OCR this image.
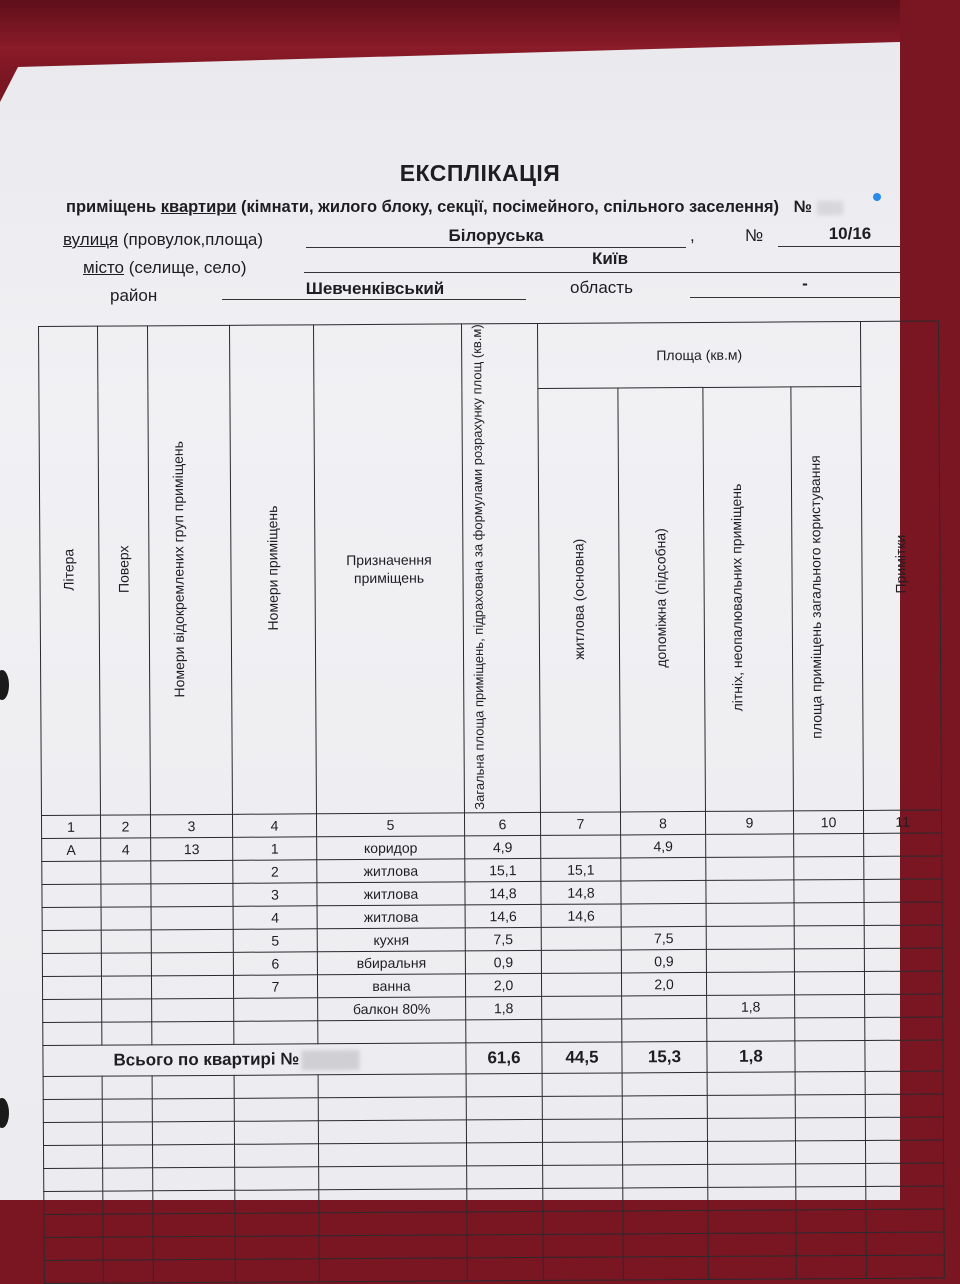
ЕКСПЛІКАЦІЯ
приміщень квартири (кімнати, жилого блоку, секції, посімейного, спільного заселення) №
вулиця (провулок,площа)	Білоруська	,	№	10/16
місто (селище, село)	Київ
район	Шевченківський	область	-
Літера	Поверх	Номери відокремлених груп приміщень	Номери приміщень	Призначення приміщень	Загальна площа приміщень, підрахована за формулами розрахунку площ (кв.м)	Площа (кв.м)				Примітки
						житлова (основна)	допоміжна (підсобна)	літніх, неопалювальних приміщень	площа приміщень загального користування	
1	2	3	4	5	6	7	8	9	10	11
А	4	13	1	коридор	4,9		4,9			
			2	житлова	15,1	15,1				
			3	житлова	14,8	14,8				
			4	житлова	14,6	14,6				
			5	кухня	7,5		7,5			
			6	вбиральня	0,9		0,9			
			7	ванна	2,0		2,0			
				балкон 80%	1,8			1,8		

Всього по квартирі №					61,6	44,5	15,3	1,8		
